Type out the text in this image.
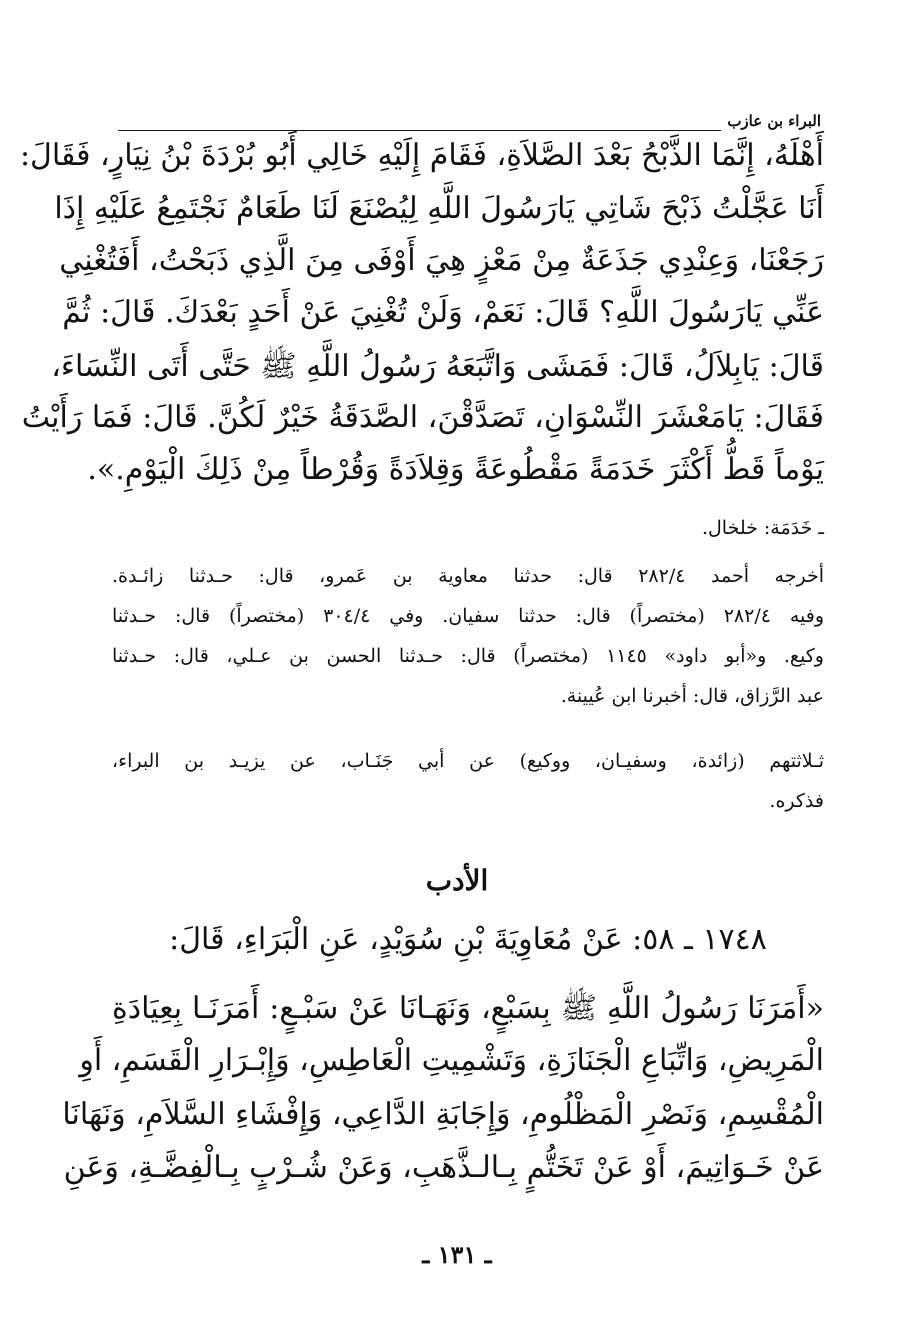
البراء بن عازب
أَهْلَهُ، إِنَّمَا الذَّبْحُ بَعْدَ الصَّلاَةِ، فَقَامَ إِلَيْهِ خَالِي أَبُو بُرْدَةَ بْنُ نِيَارٍ، فَقَالَ:
أَنَا عَجَّلْتُ ذَبْحَ شَاتِي يَارَسُولَ اللَّهِ لِيُصْنَعَ لَنَا طَعَامٌ نَجْتَمِعُ عَلَيْهِ إِذَا
رَجَعْنَا، وَعِنْدِي جَذَعَةٌ مِنْ مَعْزٍ هِيَ أَوْفَى مِنَ الَّذِي ذَبَحْتُ، أَفَتُغْنِي
عَنِّي يَارَسُولَ اللَّهِ؟ قَالَ: نَعَمْ، وَلَنْ تُغْنِيَ عَنْ أَحَدٍ بَعْدَكَ. قَالَ: ثُمَّ
قَالَ: يَابِلاَلُ، قَالَ: فَمَشَى وَاتَّبَعَهُ رَسُولُ اللَّهِ ﷺ حَتَّى أَتَى النِّسَاءَ،
فَقَالَ: يَامَعْشَرَ النِّسْوَانِ، تَصَدَّقْنَ، الصَّدَقَةُ خَيْرٌ لَكُنَّ. قَالَ: فَمَا رَأَيْتُ
يَوْماً قَطُّ أَكْثَرَ خَدَمَةً مَقْطُوعَةً وَقِلاَدَةً وَقُرْطاً مِنْ ذَلِكَ الْيَوْمِ.».
ـ خَدَمَة: خلخال.
أخرجه أحمد ٢٨٢/٤ قال: حدثنا معاوية بن عَمرو، قال: حـدثنا زائـدة.
وفيه ٢٨٢/٤ (مختصراً) قال: حدثنا سفيان. وفي ٣٠٤/٤ (مختصراً) قال: حـدثنا
وكيع. و«أبو داود» ١١٤٥ (مختصراً) قال: حـدثنا الحسن بن عـلي، قال: حـدثنا
عبد الرَّزاق، قال: أخبرنا ابن عُيينة.
ثـلاثتهم (زائدة، وسفيـان، ووكيع) عن أبي جَنَـاب، عن يزيـد بن البراء،
فذكره.
الأدب
١٧٤٨ ـ ٥٨: عَنْ مُعَاوِيَةَ بْنِ سُوَيْدٍ، عَنِ الْبَرَاءِ، قَالَ:
«أَمَرَنَا رَسُولُ اللَّهِ ﷺ بِسَبْعٍ، وَنَهَـانَا عَنْ سَبْـعٍ: أَمَرَنَـا بِعِيَادَةِ
الْمَرِيضِ، وَاتِّبَاعِ الْجَنَازَةِ، وَتَشْمِيتِ الْعَاطِسِ، وَإِبْـرَارِ الْقَسَمِ، أَوِ
الْمُقْسِمِ، وَنَصْرِ الْمَظْلُومِ، وَإِجَابَةِ الدَّاعِي، وَإِفْشَاءِ السَّلاَمِ، وَنَهَانَا
عَنْ خَـوَاتِيمَ، أَوْ عَنْ تَخَتُّمٍ بِـالـذَّهَبِ، وَعَنْ شُـرْبٍ بِـالْفِضَّـةِ، وَعَنِ
ـ ١٣١ ـ
